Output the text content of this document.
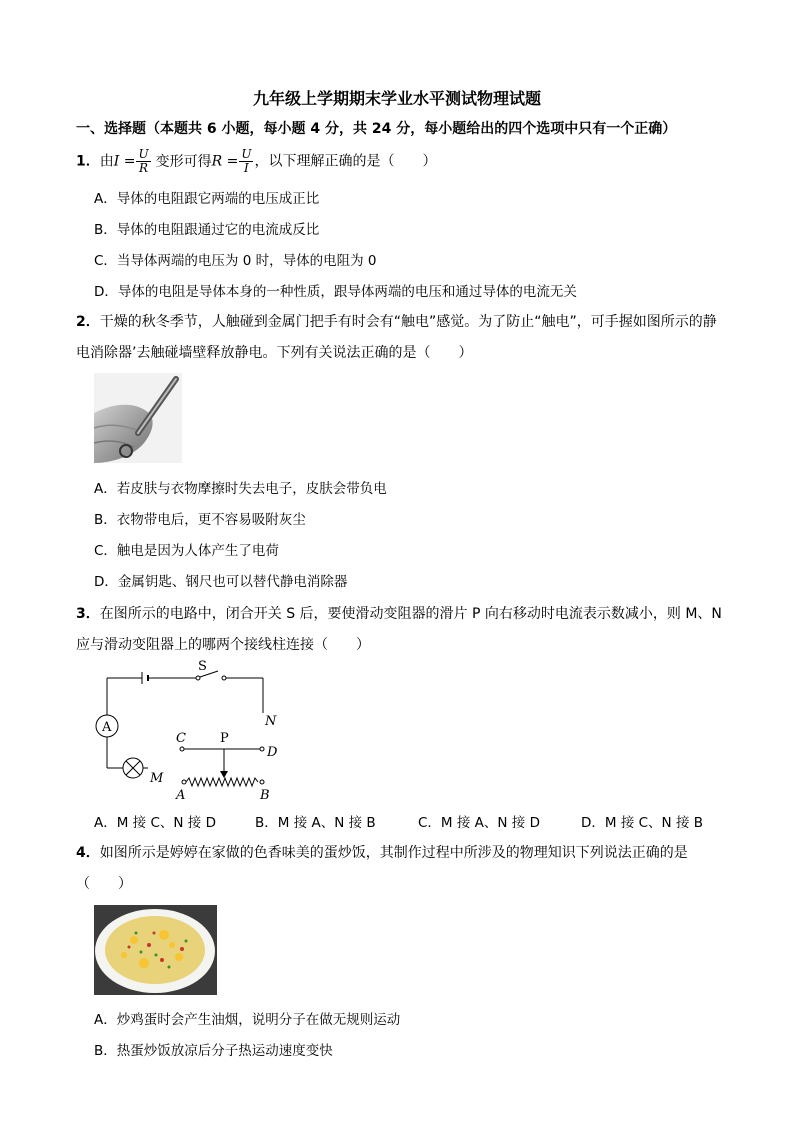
九年级上学期期末学业水平测试物理试题
一、选择题（本题共 6 小题，每小题 4 分，共 24 分，每小题给出的四个选项中只有一个正确）
1．由$I = \frac{U}{R}$ 变形可得$R = \frac{U}{I}$ ，以下理解正确的是（　　）
A．导体的电阻跟它两端的电压成正比
B．导体的电阻跟通过它的电流成反比
C．当导体两端的电压为 0 时，导体的电阻为 0
D．导体的电阻是导体本身的一种性质，跟导体两端的电压和通过导体的电流无关
2．干燥的秋冬季节，人触碰到金属门把手有时会有“触电”感觉。为了防止“触电”，可手握如图所示的静
电消除器’去触碰墙壁释放静电。下列有关说法正确的是（　　）
A．若皮肤与衣物摩擦时失去电子，皮肤会带负电
B．衣物带电后，更不容易吸附灰尘
C．触电是因为人体产生了电荷
D．金属钥匙、钢尺也可以替代静电消除器
3．在图所示的电路中，闭合开关 S 后，要使滑动变阻器的滑片 P 向右移动时电流表示数减小，则 M、N
应与滑动变阻器上的哪两个接线柱连接（　　）
S
N
A
M
C	P
D
A	B
A．M 接 C、N 接 D	B．M 接 A、N 接 B	C．M 接 A、N 接 D	D．M 接 C、N 接 B
4．如图所示是婷婷在家做的色香味美的蛋炒饭，其制作过程中所涉及的物理知识下列说法正确的是
（　　）
A．炒鸡蛋时会产生油烟，说明分子在做无规则运动
B．热蛋炒饭放凉后分子热运动速度变快
